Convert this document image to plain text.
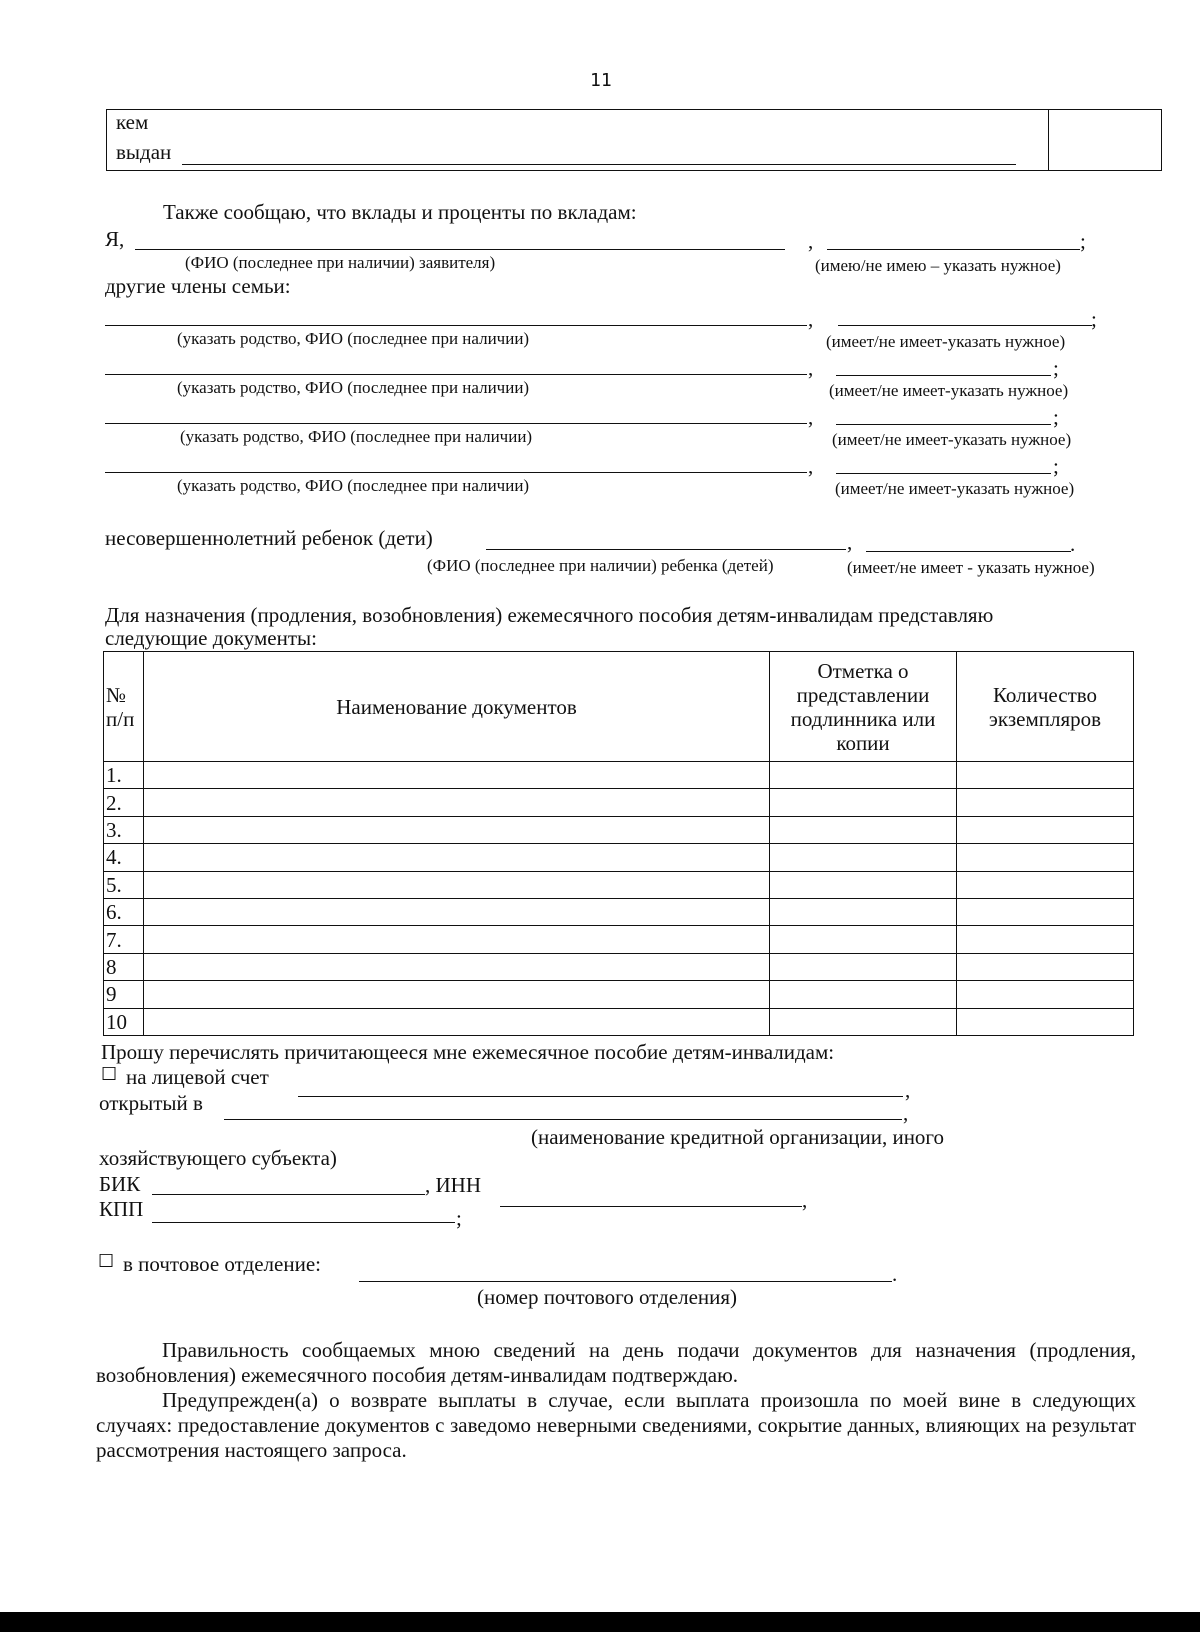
11
кем
выдан
Также сообщаю, что вклады и проценты по вкладам:
Я,	,	;
(ФИО (последнее при наличии) заявителя)	(имею/не имею – указать нужное)
другие члены семьи:
,	;
(указать родство, ФИО (последнее при наличии)	(имеет/не имеет-указать нужное)
,	;
(указать родство, ФИО (последнее при наличии)	(имеет/не имеет-указать нужное)
,	;
(указать родство, ФИО (последнее при наличии)	(имеет/не имеет-указать нужное)
,	;
(указать родство, ФИО (последнее при наличии)	(имеет/не имеет-указать нужное)
несовершеннолетний ребенок (дети)	,	.
(ФИО (последнее при наличии) ребенка (детей)	(имеет/не имеет - указать нужное)
Для назначения (продления, возобновления) ежемесячного пособия детям-инвалидам представляю
следующие документы:
№ п/п	Наименование документов	Отметка о представлении подлинника или копии	Количество экземпляров
1.			
2.			
3.			
4.			
5.			
6.			
7.			
8			
9			
10			
Прошу перечислять причитающееся мне ежемесячное пособие детям-инвалидам:
☐ на лицевой счет
,
открытый в	,
(наименование кредитной организации, иного
хозяйствующего субъекта)
БИК	, ИНН
,
КПП	;
☐ в почтовое отделение:	.
(номер почтового отделения)

Правильность сообщаемых мною сведений на день подачи документов для назначения (продления, возобновления) ежемесячного пособия детям-инвалидам подтверждаю.

Предупрежден(а) о возврате выплаты в случае, если выплата произошла по моей вине в следующих случаях: предоставление документов с заведомо неверными сведениями, сокрытие данных, влияющих на результат рассмотрения настоящего запроса.
